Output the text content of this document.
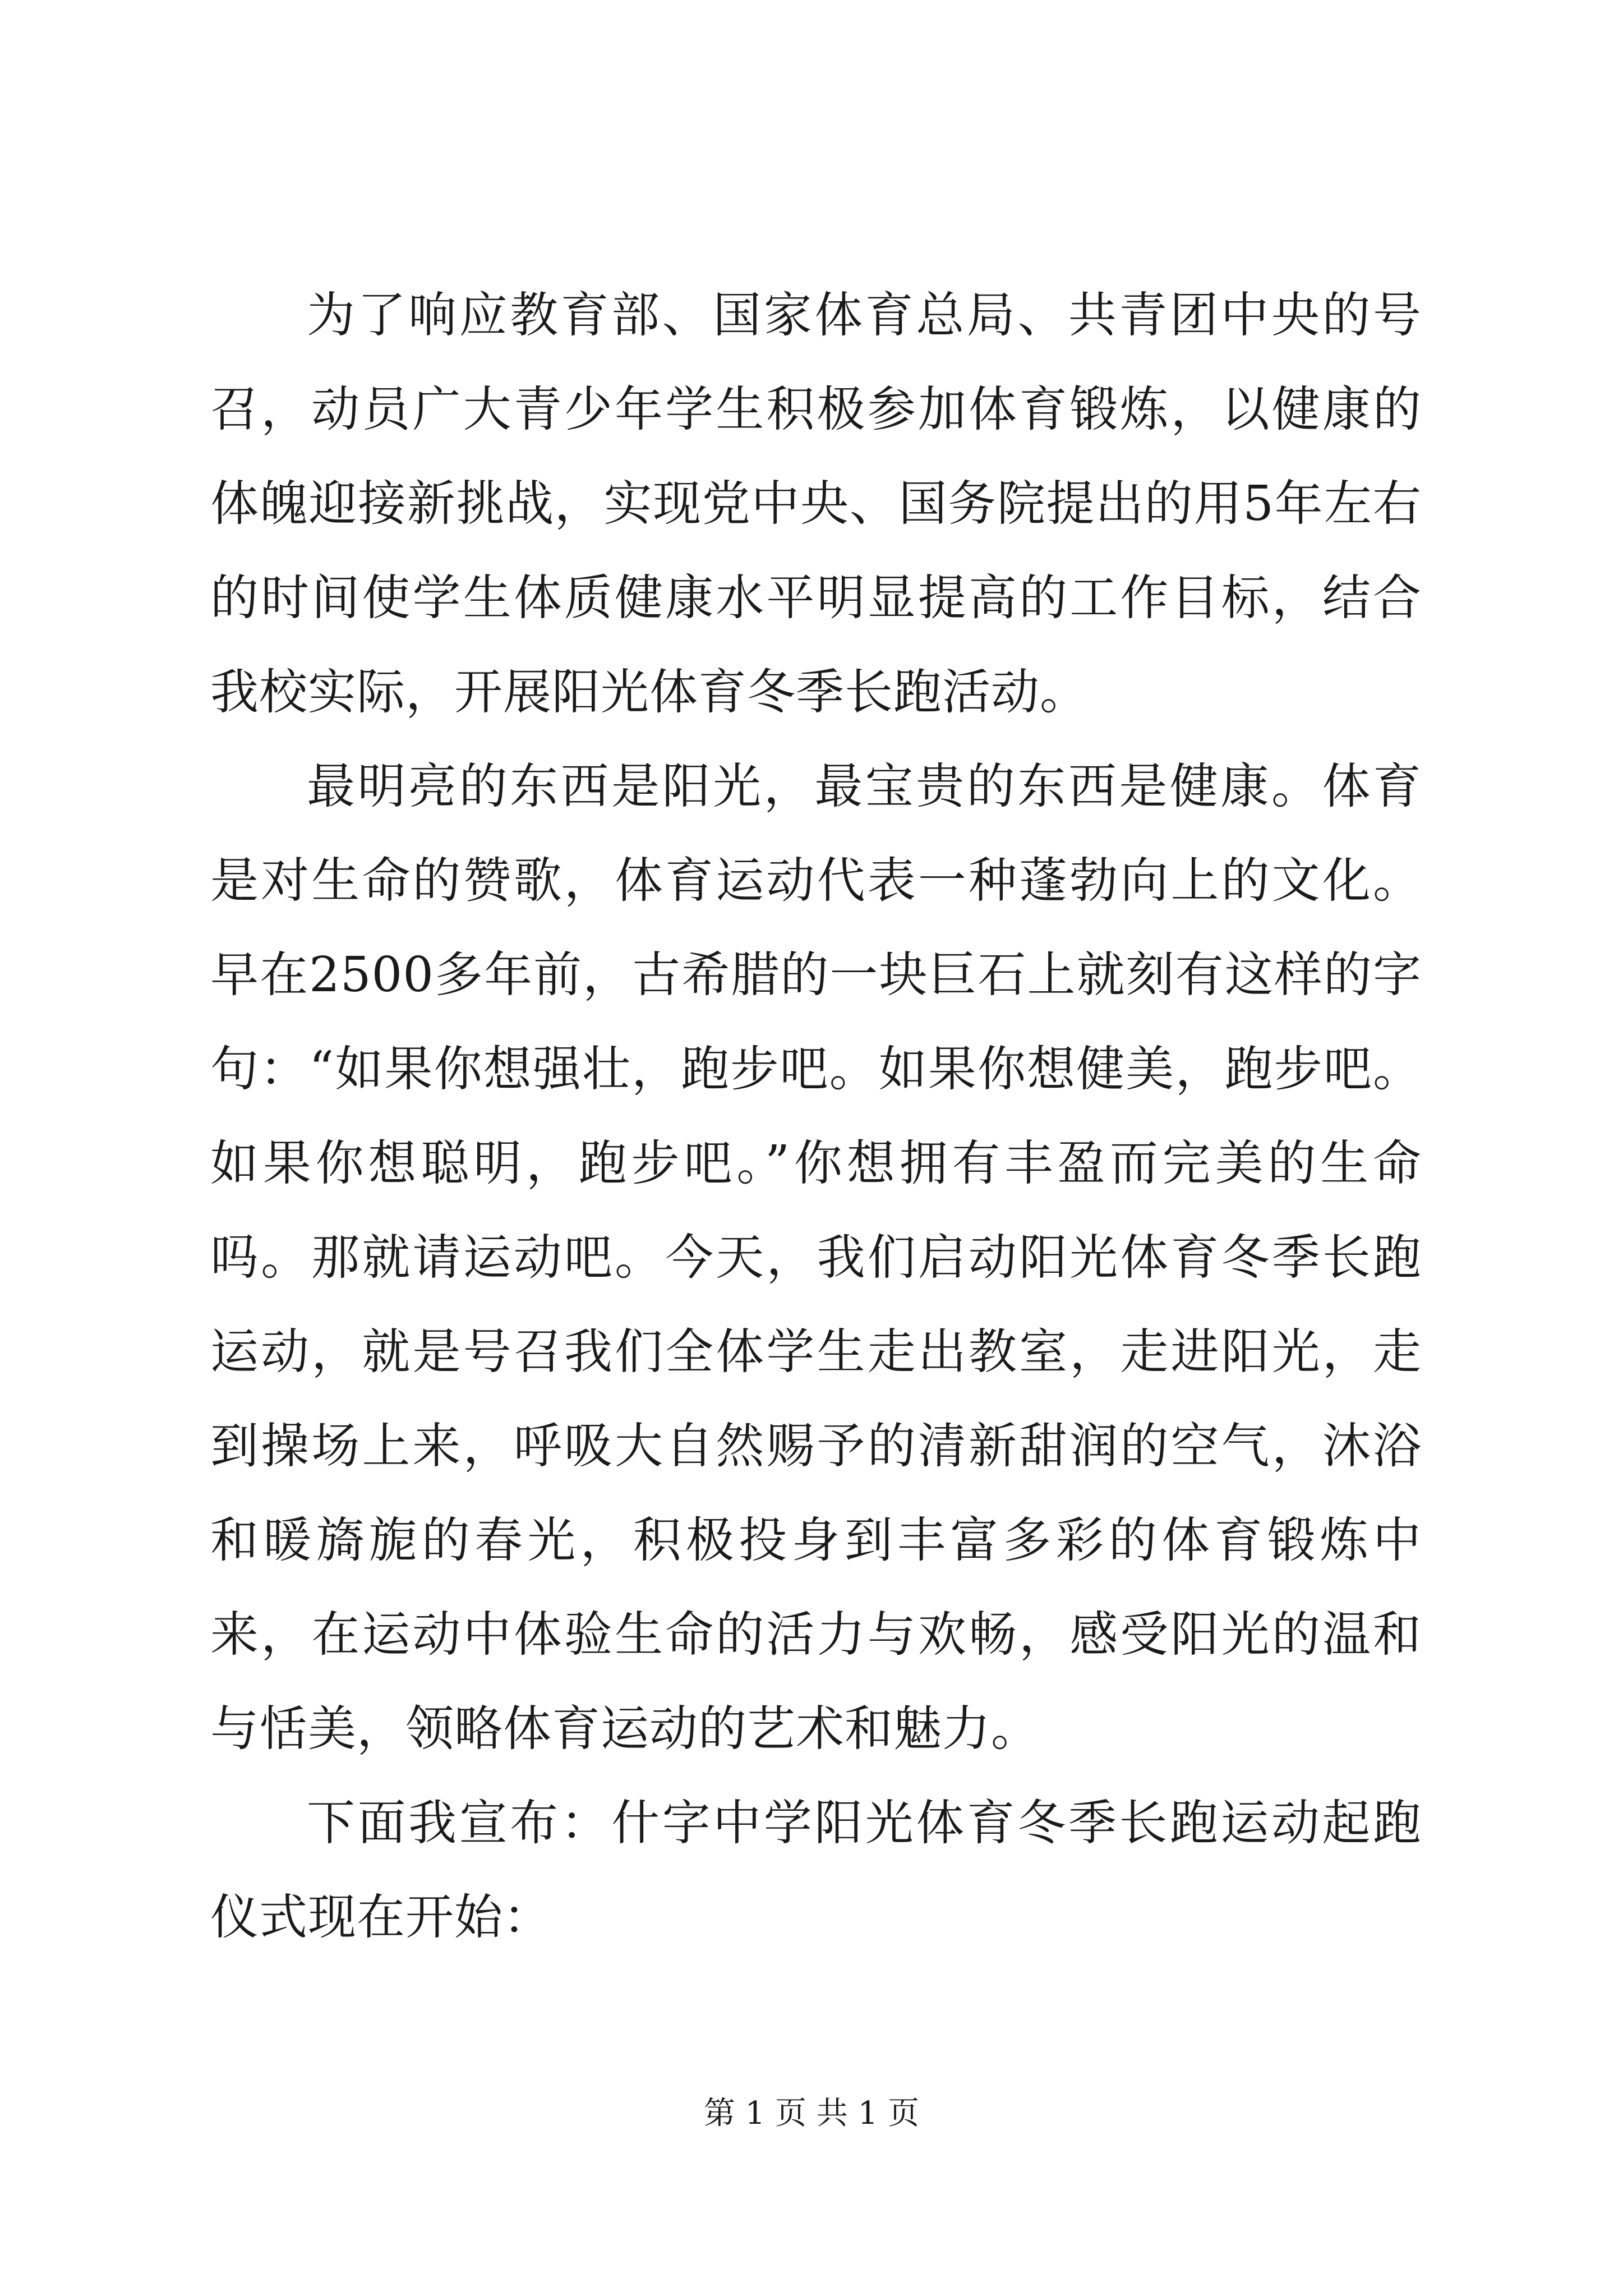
为了响应教育部、国家体育总局、共青团中央的号召，动员广大青少年学生积极参加体育锻炼，以健康的体魄迎接新挑战，实现党中央、国务院提出的用5年左右的时间使学生体质健康水平明显提高的工作目标，结合我校实际，开展阳光体育冬季长跑活动。

最明亮的东西是阳光，最宝贵的东西是健康。体育是对生命的赞歌，体育运动代表一种蓬勃向上的文化。早在2500多年前，古希腊的一块巨石上就刻有这样的字句：“如果你想强壮，跑步吧。如果你想健美，跑步吧。如果你想聪明，跑步吧。”你想拥有丰盈而完美的生命吗。那就请运动吧。今天，我们启动阳光体育冬季长跑运动，就是号召我们全体学生走出教室，走进阳光，走到操场上来，呼吸大自然赐予的清新甜润的空气，沐浴和暖旖旎的春光，积极投身到丰富多彩的体育锻炼中来，在运动中体验生命的活力与欢畅，感受阳光的温和与恬美，领略体育运动的艺术和魅力。

下面我宣布：什字中学阳光体育冬季长跑运动起跑仪式现在开始：

第 1 页 共 1 页
